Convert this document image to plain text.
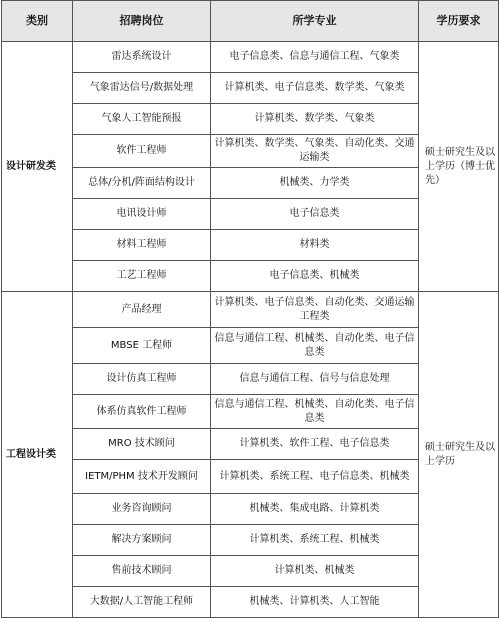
类别	招聘岗位	所学专业	学历要求
设计研发类	雷达系统设计	电子信息类、信息与通信工程、气象类	硕士研究生及以上学历（博士优先）
	气象雷达信号/数据处理	计算机类、电子信息类、数学类、气象类	
	气象人工智能预报	计算机类、数学类、气象类	
	软件工程师	计算机类、数学类、气象类、自动化类、交通运输类	
	总体/分机/阵面结构设计	机械类、力学类	
	电讯设计师	电子信息类	
	材料工程师	材料类	
	工艺工程师	电子信息类、机械类	
工程设计类	产品经理	计算机类、电子信息类、自动化类、交通运输工程类	硕士研究生及以上学历
	MBSE 工程师	信息与通信工程、机械类、自动化类、电子信息类	
	设计仿真工程师	信息与通信工程、信号与信息处理	
	体系仿真软件工程师	信息与通信工程、机械类、自动化类、电子信息类	
	MRO 技术顾问	计算机类、软件工程、电子信息类	
	IETM/PHM 技术开发顾问	计算机类、系统工程、电子信息类、机械类	
	业务咨询顾问	机械类、集成电路、计算机类	
	解决方案顾问	计算机类、系统工程、机械类	
	售前技术顾问	计算机类、机械类	
	大数据/人工智能工程师	机械类、计算机类、人工智能	
